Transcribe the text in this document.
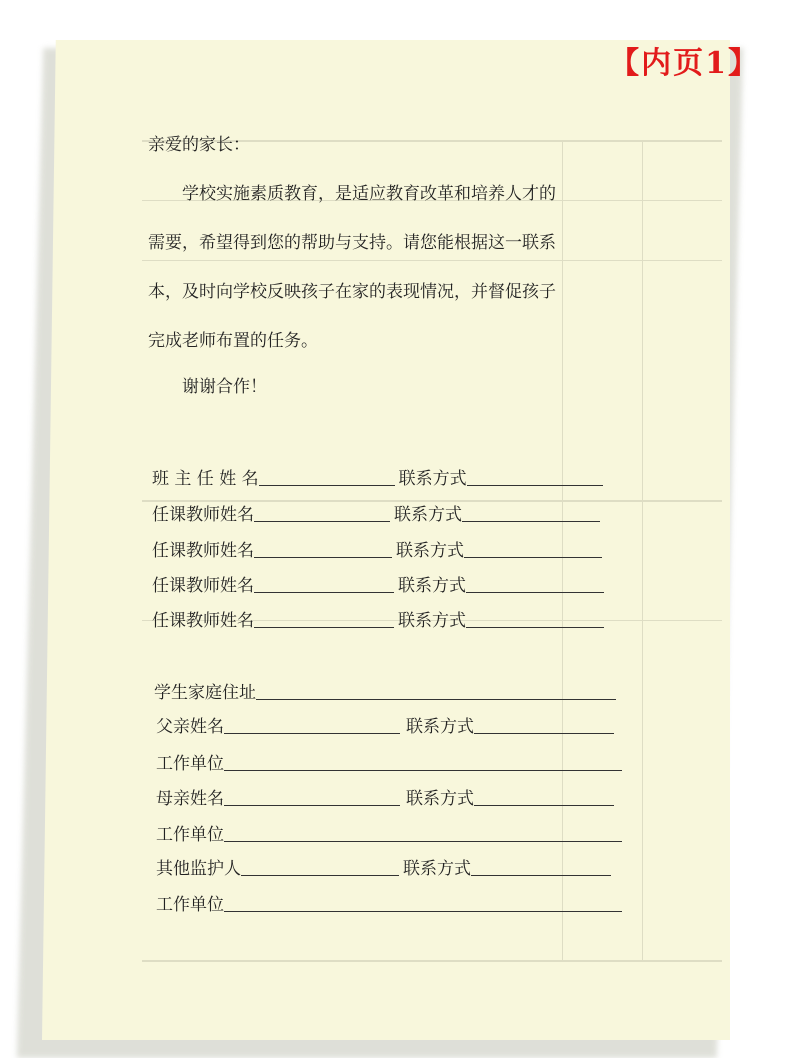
【内页1】
亲爱的家长：
学校实施素质教育，是适应教育改革和培养人才的
需要，希望得到您的帮助与支持。请您能根据这一联系
本，及时向学校反映孩子在家的表现情况，并督促孩子
完成老师布置的任务。
谢谢合作！
班 主 任 姓 名	联系方式
任课教师姓名	联系方式
任课教师姓名	联系方式
任课教师姓名	联系方式
任课教师姓名	联系方式
学生家庭住址
父亲姓名	联系方式
工作单位
母亲姓名	联系方式
工作单位
其他监护人	联系方式
工作单位
